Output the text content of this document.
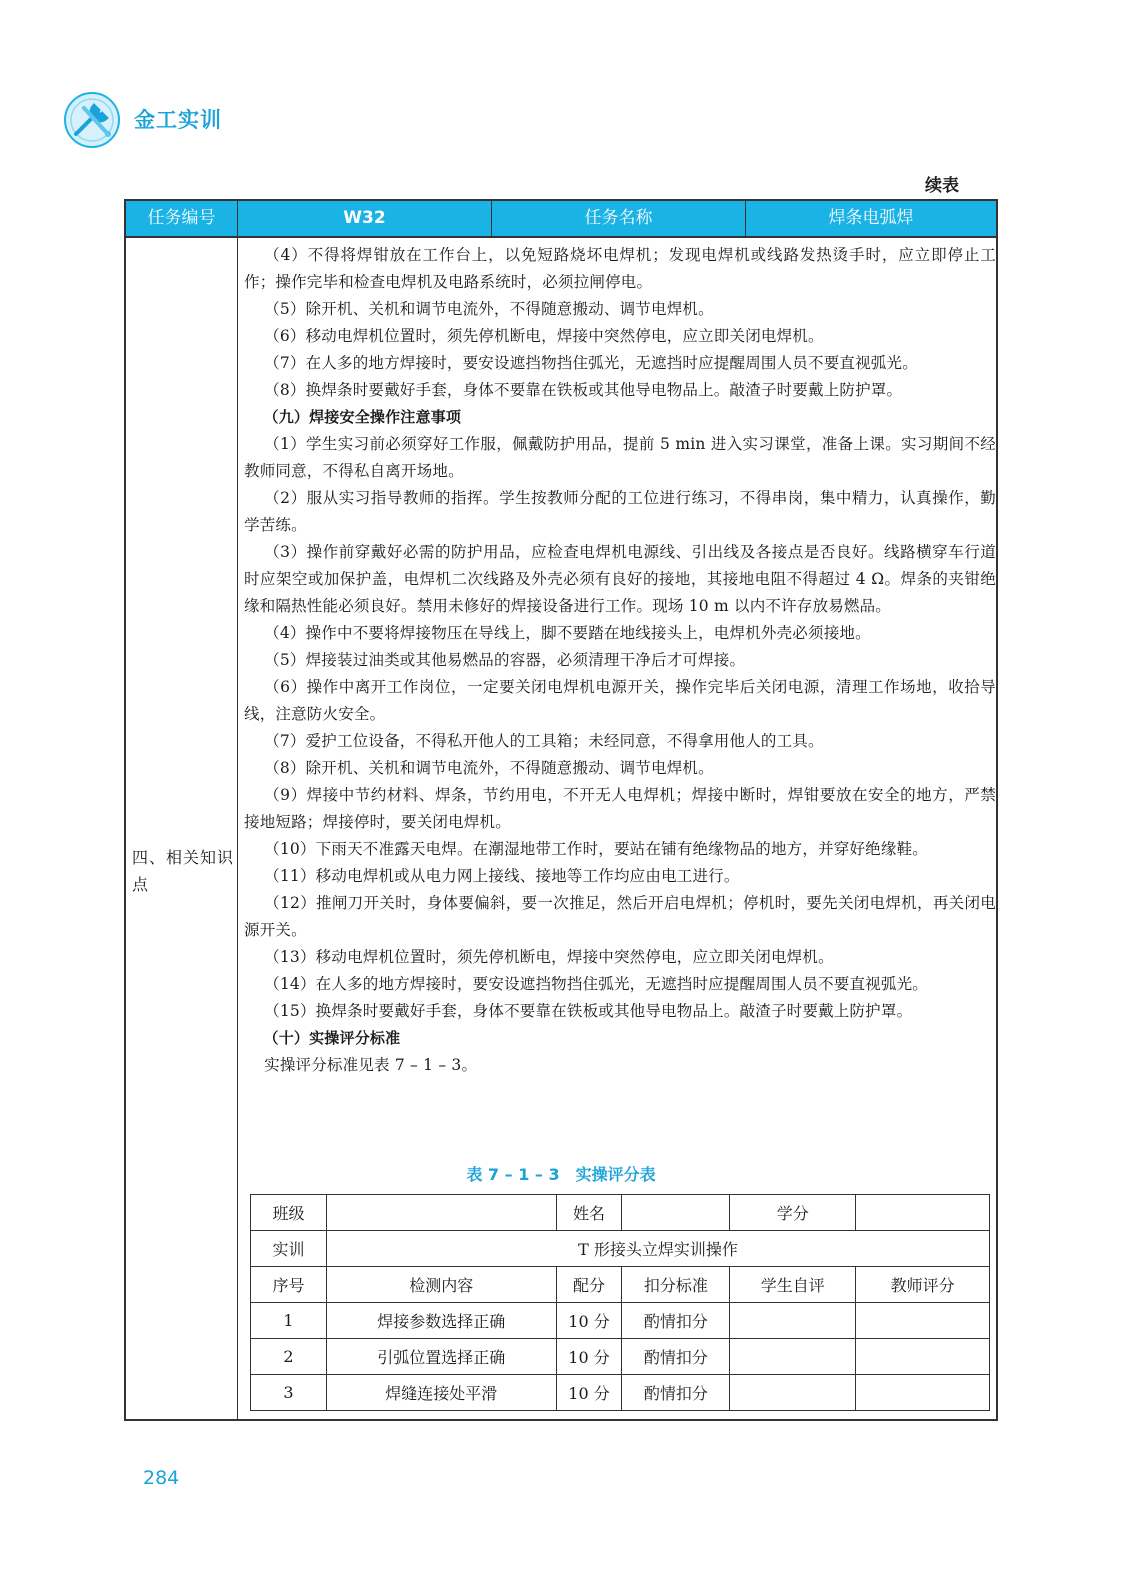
金工实训
续表
任务编号	W32	任务名称	焊条电弧焊
四、相关知识点

（4）不得将焊钳放在工作台上，以免短路烧坏电焊机；发现电焊机或线路发热烫手时，应立即停止工作；操作完毕和检查电焊机及电路系统时，必须拉闸停电。

（5）除开机、关机和调节电流外，不得随意搬动、调节电焊机。

（6）移动电焊机位置时，须先停机断电，焊接中突然停电，应立即关闭电焊机。

（7）在人多的地方焊接时，要安设遮挡物挡住弧光，无遮挡时应提醒周围人员不要直视弧光。

（8）换焊条时要戴好手套，身体不要靠在铁板或其他导电物品上。敲渣子时要戴上防护罩。

（九）焊接安全操作注意事项

（1）学生实习前必须穿好工作服，佩戴防护用品，提前 5 min 进入实习课堂，准备上课。实习期间不经教师同意，不得私自离开场地。

（2）服从实习指导教师的指挥。学生按教师分配的工位进行练习，不得串岗，集中精力，认真操作，勤学苦练。

（3）操作前穿戴好必需的防护用品，应检查电焊机电源线、引出线及各接点是否良好。线路横穿车行道时应架空或加保护盖，电焊机二次线路及外壳必须有良好的接地，其接地电阻不得超过 4 Ω。焊条的夹钳绝缘和隔热性能必须良好。禁用未修好的焊接设备进行工作。现场 10 m 以内不许存放易燃品。

（4）操作中不要将焊接物压在导线上，脚不要踏在地线接头上，电焊机外壳必须接地。

（5）焊接装过油类或其他易燃品的容器，必须清理干净后才可焊接。

（6）操作中离开工作岗位，一定要关闭电焊机电源开关，操作完毕后关闭电源，清理工作场地，收拾导线，注意防火安全。

（7）爱护工位设备，不得私开他人的工具箱；未经同意，不得拿用他人的工具。

（8）除开机、关机和调节电流外，不得随意搬动、调节电焊机。

（9）焊接中节约材料、焊条，节约用电，不开无人电焊机；焊接中断时，焊钳要放在安全的地方，严禁接地短路；焊接停时，要关闭电焊机。

（10）下雨天不准露天电焊。在潮湿地带工作时，要站在铺有绝缘物品的地方，并穿好绝缘鞋。

（11）移动电焊机或从电力网上接线、接地等工作均应由电工进行。

（12）推闸刀开关时，身体要偏斜，要一次推足，然后开启电焊机；停机时，要先关闭电焊机，再关闭电源开关。

（13）移动电焊机位置时，须先停机断电，焊接中突然停电，应立即关闭电焊机。

（14）在人多的地方焊接时，要安设遮挡物挡住弧光，无遮挡时应提醒周围人员不要直视弧光。

（15）换焊条时要戴好手套，身体不要靠在铁板或其他导电物品上。敲渣子时要戴上防护罩。

（十）实操评分标准

实操评分标准见表 7 – 1 – 3。

表 7 – 1 – 3　实操评分表
班级		姓名		学分	
实训	T 形接头立焊实训操作				
序号	检测内容	配分	扣分标准	学生自评	教师评分
1	焊接参数选择正确	10 分	酌情扣分		
2	引弧位置选择正确	10 分	酌情扣分		
3	焊缝连接处平滑	10 分	酌情扣分		
284
